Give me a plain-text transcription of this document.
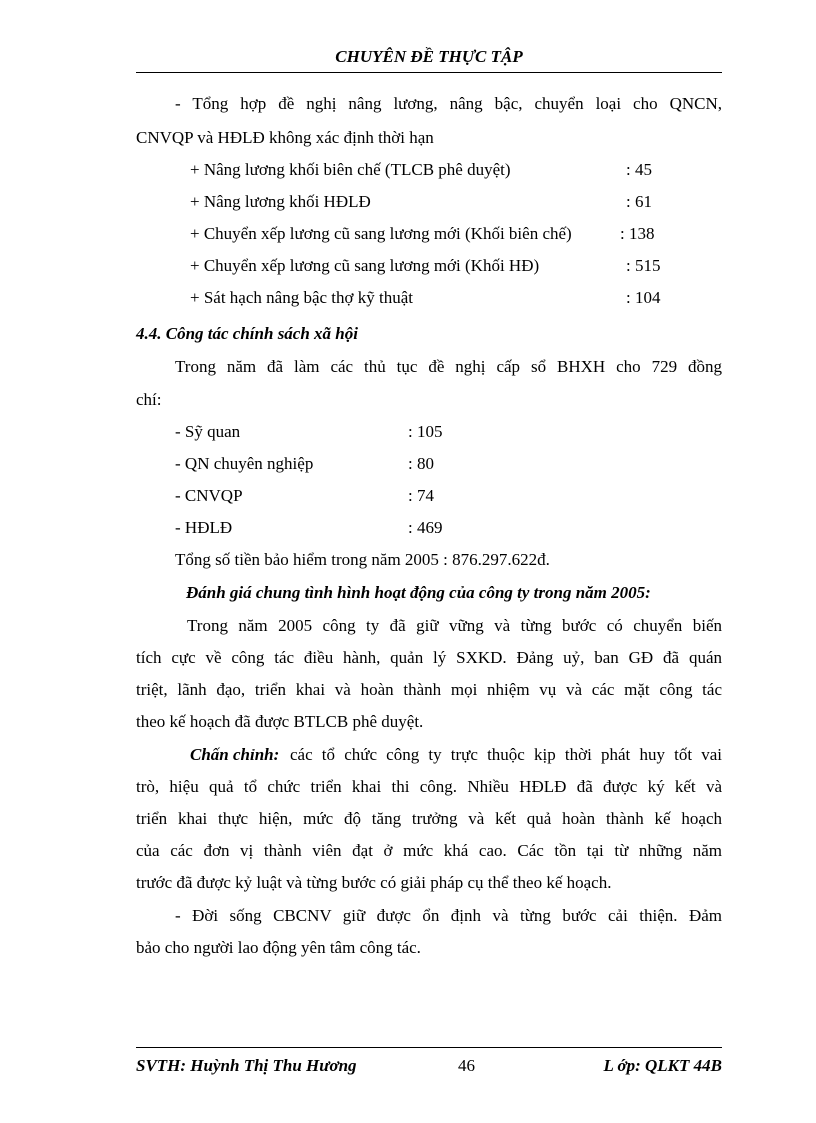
CHUYÊN ĐỀ THỰC TẬP

- Tổng hợp đề nghị nâng lương, nâng bậc, chuyển loại cho QNCN,

CNVQP và HĐLĐ không xác định thời hạn

+ Nâng lương khối biên chế (TLCB phê duyệt)	: 45

+ Nâng lương khối HĐLĐ	: 61

+ Chuyển xếp lương cũ sang lương mới (Khối biên chế)	: 138

+ Chuyển xếp lương cũ sang lương mới (Khối HĐ)	: 515

+ Sát hạch nâng bậc thợ kỹ thuật	: 104

4.4. Công tác chính sách xã hội

Trong năm đã làm các thủ tục đề nghị cấp sổ BHXH cho 729 đồng

chí:

- Sỹ quan	: 105

- QN chuyên nghiệp	: 80

- CNVQP	: 74

- HĐLĐ	: 469

Tổng số tiền bảo hiểm trong năm 2005 : 876.297.622đ.

Đánh giá chung tình hình hoạt động của công ty trong năm 2005:

Trong năm 2005 công ty đã giữ vững và từng bước có chuyển biến

tích cực về công tác điều hành, quản lý SXKD. Đảng uỷ, ban GĐ đã quán

triệt, lãnh đạo, triển khai và hoàn thành mọi nhiệm vụ và các mặt công tác

theo kế hoạch đã được BTLCB phê duyệt.

Chấn chỉnh: các tổ chức công ty trực thuộc kịp thời phát huy tốt vai

trò, hiệu quả tổ chức triển khai thi công. Nhiều HĐLĐ đã được ký kết và

triển khai thực hiện, mức độ tăng trưởng và kết quả hoàn thành kế hoạch

của các đơn vị thành viên đạt ở mức khá cao. Các tồn tại từ những năm

trước đã được kỷ luật và từng bước có giải pháp cụ thể theo kế hoạch.

- Đời sống CBCNV giữ được ổn định và từng bước cải thiện. Đảm

bảo cho người lao động yên tâm công tác.

SVTH: Huỳnh Thị Thu Hương	46	L ớp: QLKT 44B
